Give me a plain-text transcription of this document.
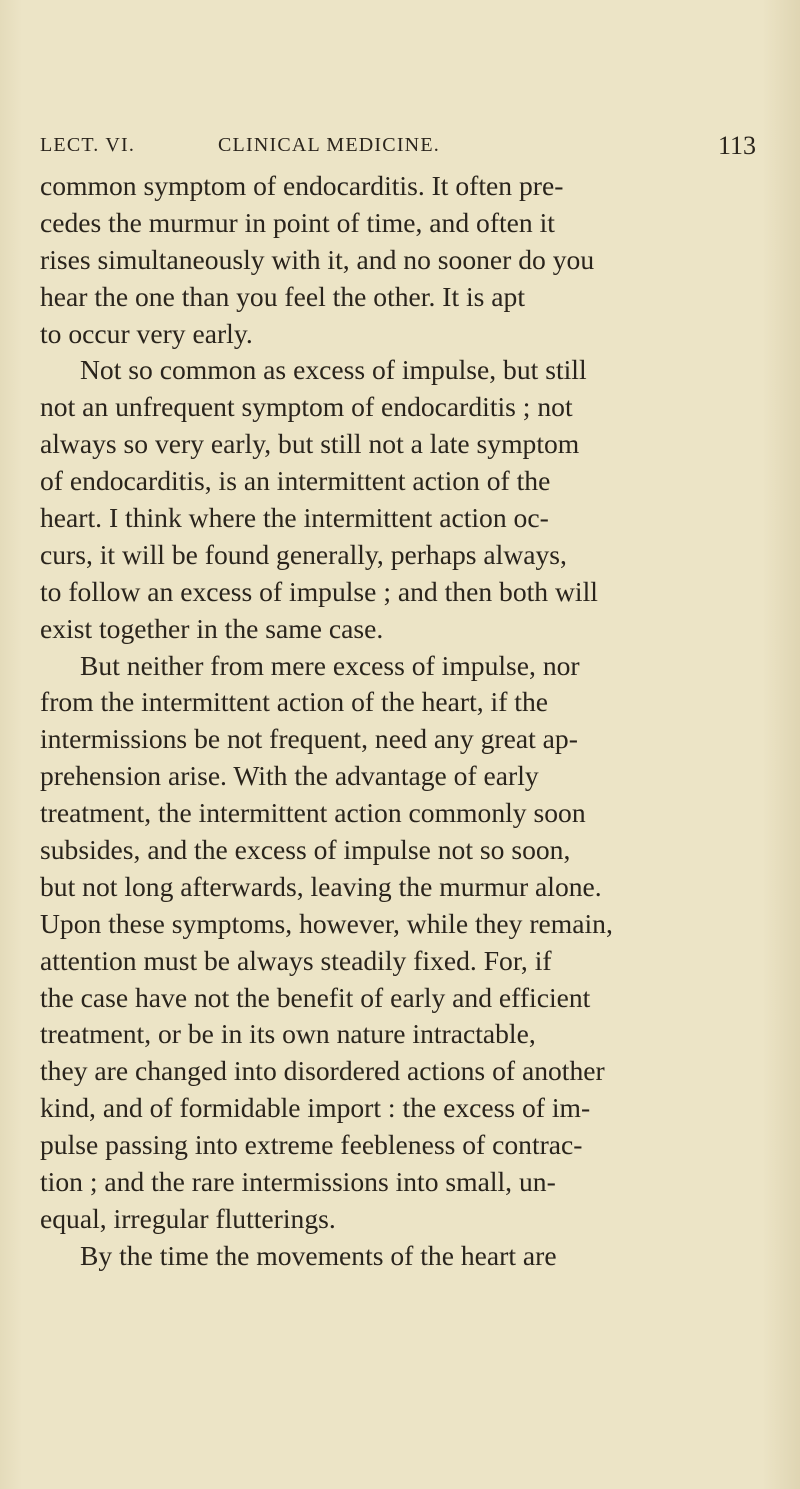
LECT. VI.	CLINICAL MEDICINE.	113
common symptom of endocarditis. It often pre-
cedes the murmur in point of time, and often it
rises simultaneously with it, and no sooner do you
hear the one than you feel the other. It is apt
to occur very early.
Not so common as excess of impulse, but still
not an unfrequent symptom of endocarditis ; not
always so very early, but still not a late symptom
of endocarditis, is an intermittent action of the
heart. I think where the intermittent action oc-
curs, it will be found generally, perhaps always,
to follow an excess of impulse ; and then both will
exist together in the same case.
But neither from mere excess of impulse, nor
from the intermittent action of the heart, if the
intermissions be not frequent, need any great ap-
prehension arise. With the advantage of early
treatment, the intermittent action commonly soon
subsides, and the excess of impulse not so soon,
but not long afterwards, leaving the murmur alone.
Upon these symptoms, however, while they remain,
attention must be always steadily fixed. For, if
the case have not the benefit of early and efficient
treatment, or be in its own nature intractable,
they are changed into disordered actions of another
kind, and of formidable import : the excess of im-
pulse passing into extreme feebleness of contrac-
tion ; and the rare intermissions into small, un-
equal, irregular flutterings.
By the time the movements of the heart are
